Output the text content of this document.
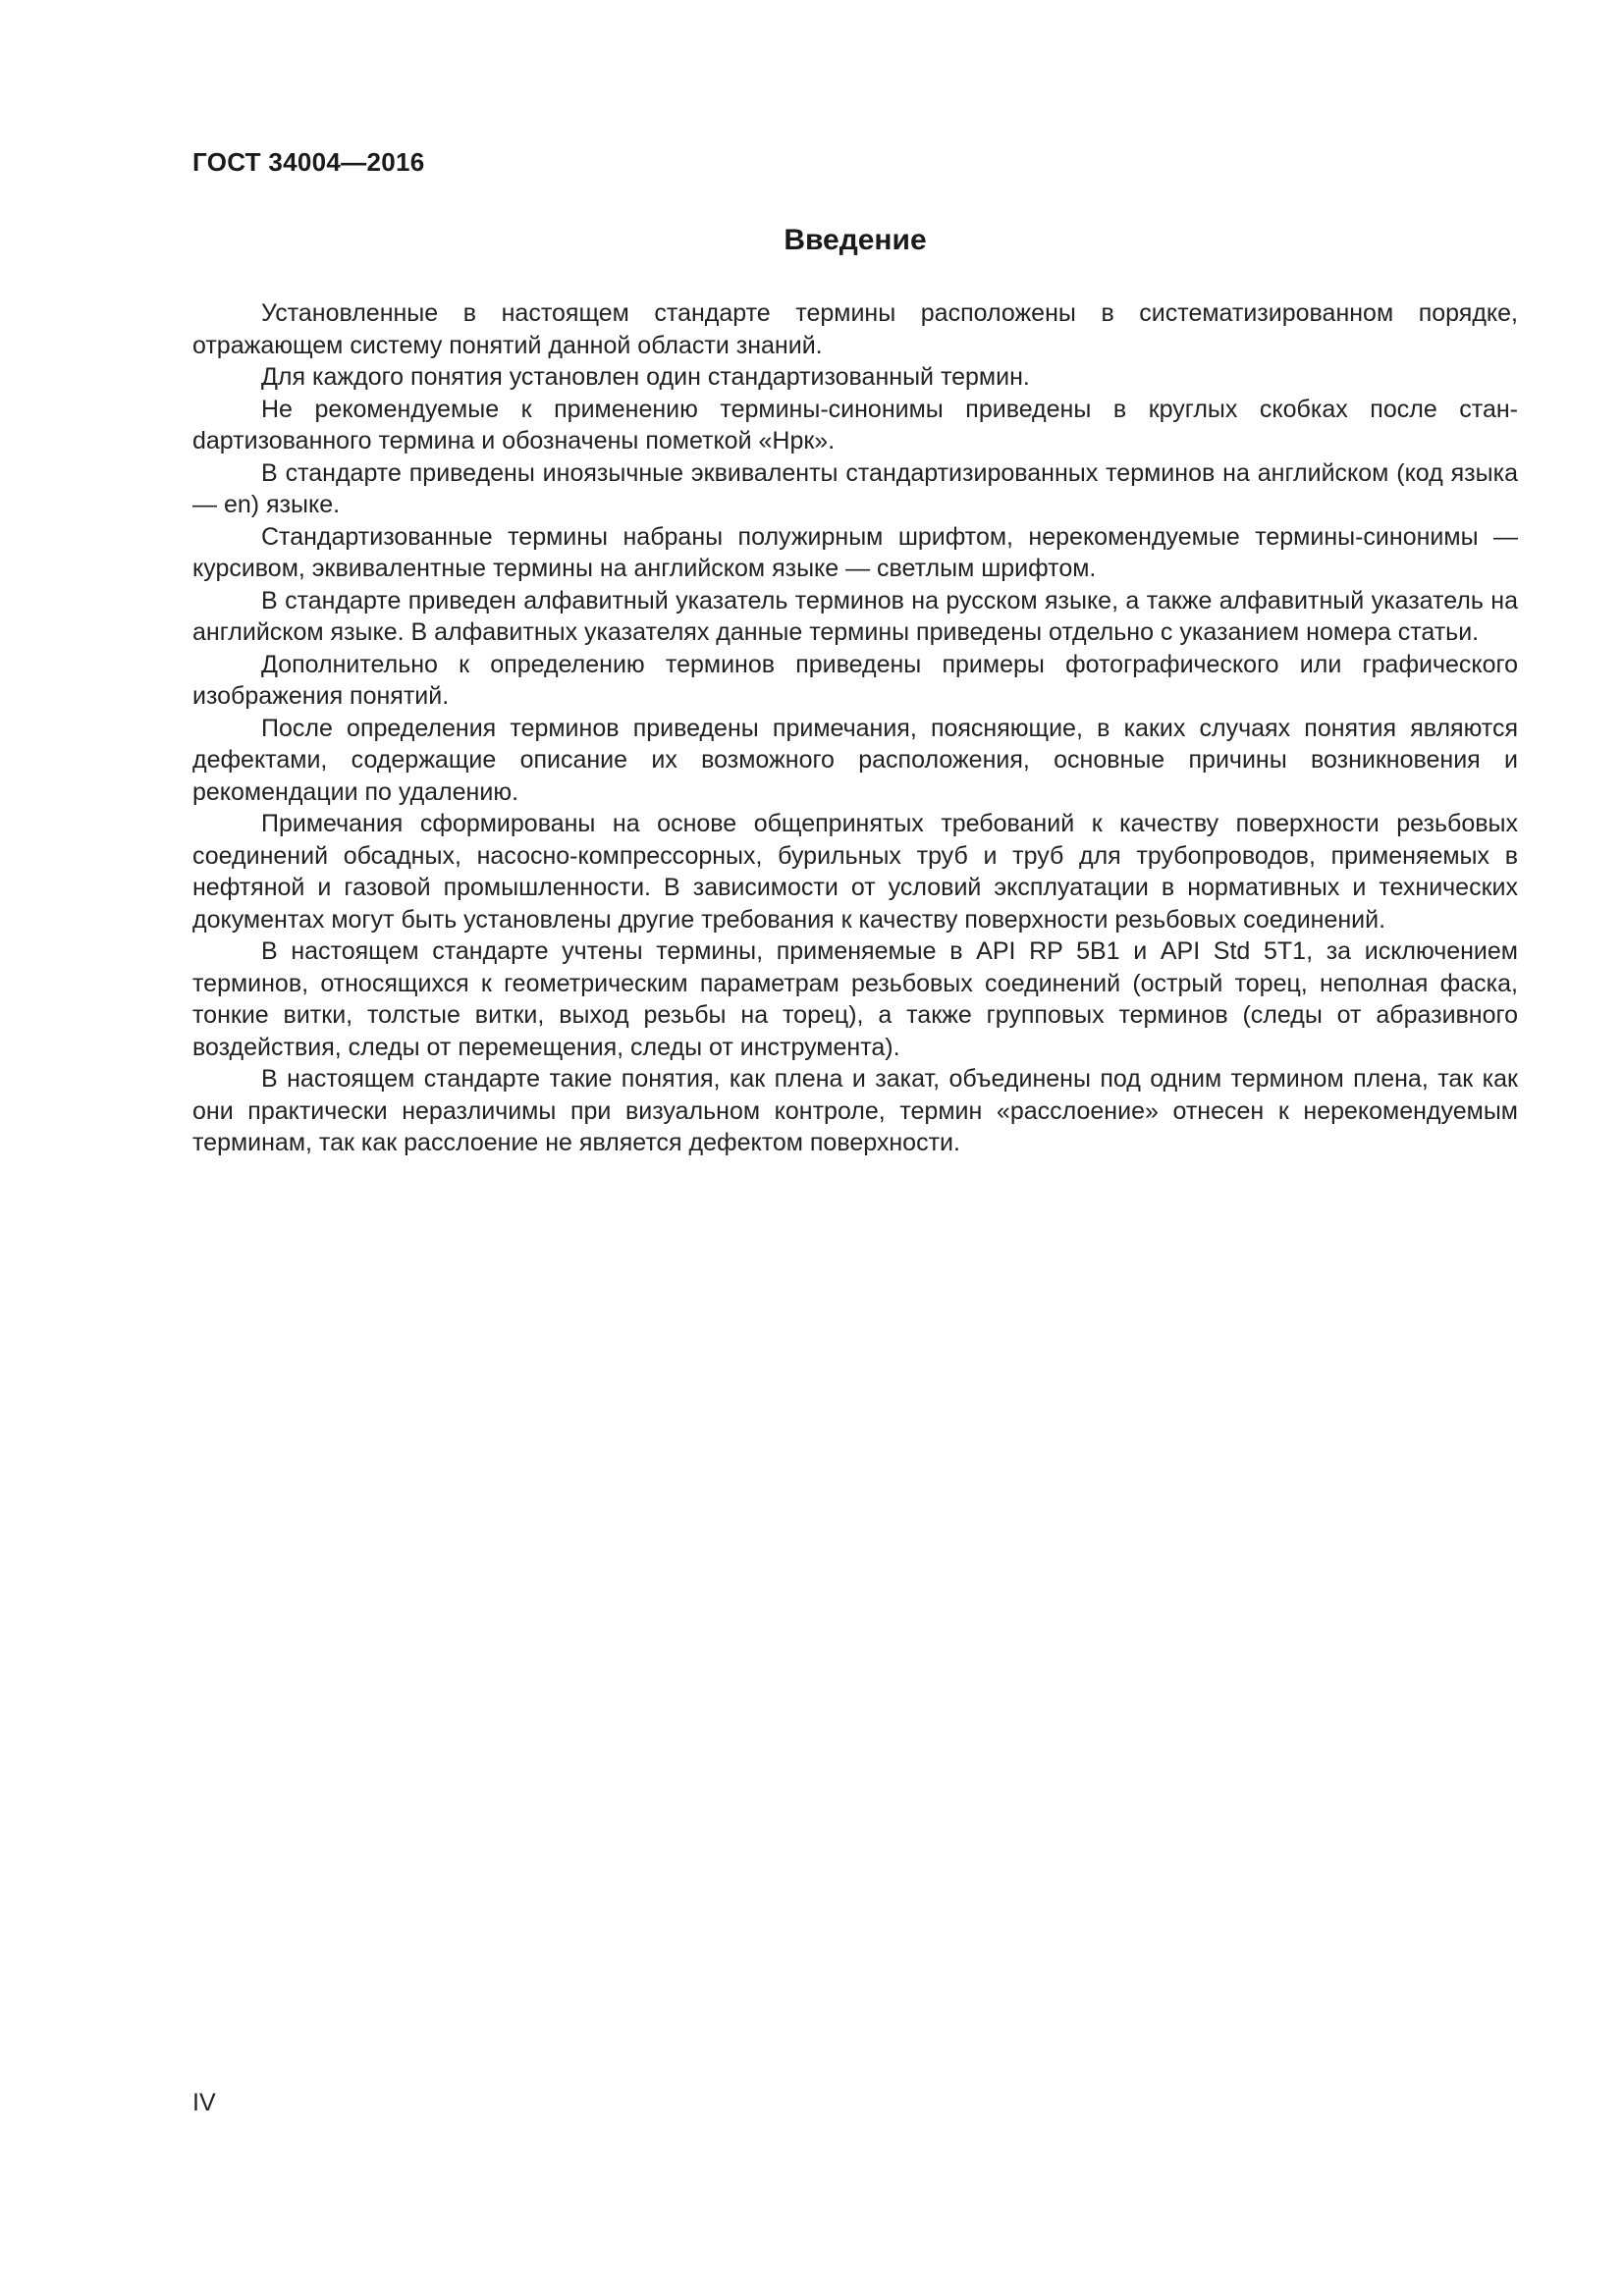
ГОСТ 34004—2016
Введение

Установленные в настоящем стандарте термины расположены в систематизированном порядке, отражающем систему понятий данной области знаний.

Для каждого понятия установлен один стандартизованный термин.

Не рекомендуемые к применению термины-синонимы приведены в круглых скобках после станdартизованного термина и обозначены пометкой «Нрк».

В стандарте приведены иноязычные эквиваленты стандартизированных терминов на английском (код языка — en) языке.

Стандартизованные термины набраны полужирным шрифтом, нерекомендуемые термины-синонимы — курсивом, эквивалентные термины на английском языке — светлым шрифтом.

В стандарте приведен алфавитный указатель терминов на русском языке, а также алфавитный указатель на английском языке. В алфавитных указателях данные термины приведены отдельно с указанием номера статьи.

Дополнительно к определению терминов приведены примеры фотографического или графического изображения понятий.

После определения терминов приведены примечания, поясняющие, в каких случаях понятия являются дефектами, содержащие описание их возможного расположения, основные причины возникновения и рекомендации по удалению.

Примечания сформированы на основе общепринятых требований к качеству поверхности резьбовых соединений обсадных, насосно-компрессорных, бурильных труб и труб для трубопроводов, применяемых в нефтяной и газовой промышленности. В зависимости от условий эксплуатации в нормативных и технических документах могут быть установлены другие требования к качеству поверхности резьбовых соединений.

В настоящем стандарте учтены термины, применяемые в API RP 5B1 и API Std 5T1, за исключением терминов, относящихся к геометрическим параметрам резьбовых соединений (острый торец, неполная фаска, тонкие витки, толстые витки, выход резьбы на торец), а также групповых терминов (следы от абразивного воздействия, следы от перемещения, следы от инструмента).

В настоящем стандарте такие понятия, как плена и закат, объединены под одним термином плена, так как они практически неразличимы при визуальном контроле, термин «расслоение» отнесен к нерекомендуемым терминам, так как расслоение не является дефектом поверхности.

IV
